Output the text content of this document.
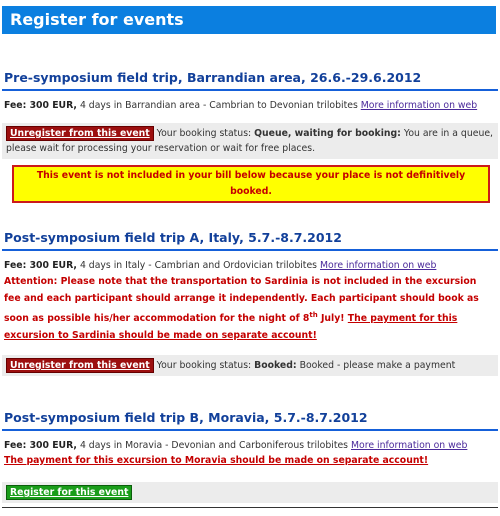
Register for events
Pre-symposium field trip, Barrandian area, 26.6.-29.6.2012
Fee: 300 EUR, 4 days in Barrandian area - Cambrian to Devonian trilobites More information on web
Unregister from this event Your booking status: Queue, waiting for booking: You are in a queue, please wait for processing your reservation or wait for free places.
This event is not included in your bill below because your place is not definitively booked.
Post-symposium field trip A, Italy, 5.7.-8.7.2012
Fee: 300 EUR, 4 days in Italy - Cambrian and Ordovician trilobites More information on web
Attention: Please note that the transportation to Sardinia is not included in the excursion fee and each participant should arrange it independently. Each participant should book as soon as possible his/her accommodation for the night of 8th July! The payment for this excursion to Sardinia should be made on separate account!
Unregister from this event Your booking status: Booked: Booked - please make a payment
Post-symposium field trip B, Moravia, 5.7.-8.7.2012
Fee: 300 EUR, 4 days in Moravia - Devonian and Carboniferous trilobites More information on web
The payment for this excursion to Moravia should be made on separate account!
Register for this event
